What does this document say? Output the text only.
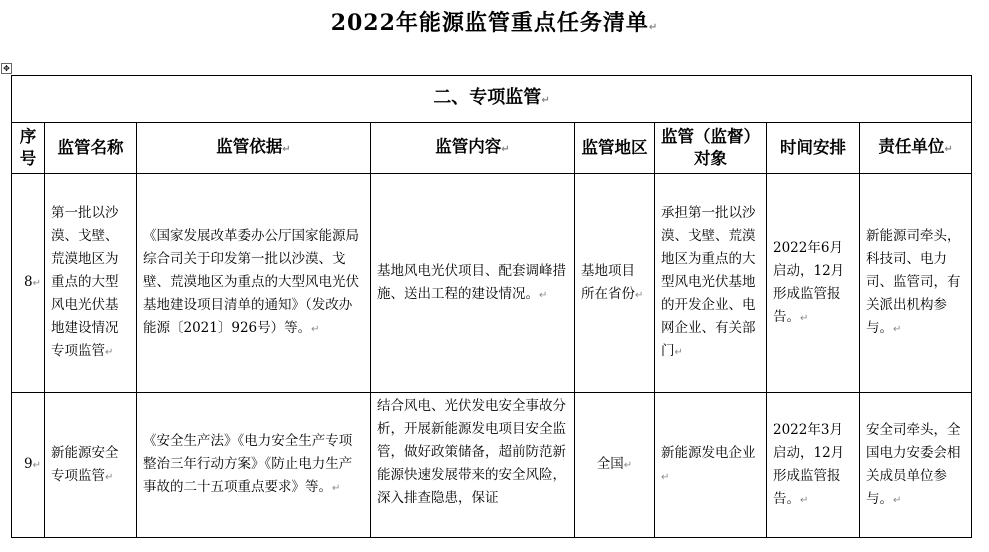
2022年能源监管重点任务清单↵
✥
二、专项监管↵							
序号	监管名称	监管依据↵	监管内容↵	监管地区	监管（监督）对象	时间安排	责任单位↵
8↵	第一批以沙漠、戈壁、荒漠地区为重点的大型风电光伏基地建设情况专项监管↵	《国家发展改革委办公厅国家能源局综合司关于印发第一批以沙漠、戈壁、荒漠地区为重点的大型风电光伏基地建设项目清单的通知》（发改办能源〔2021〕926号）等。↵	基地风电光伏项目、配套调峰措施、送出工程的建设情况。↵	基地项目所在省份↵	承担第一批以沙漠、戈壁、荒漠地区为重点的大型风电光伏基地的开发企业、电网企业、有关部门↵	2022年6月启动，12月形成监管报告。↵	新能源司牵头，科技司、电力司、监管司，有关派出机构参与。↵
9↵	新能源安全专项监管↵	《安全生产法》《电力安全生产专项整治三年行动方案》《防止电力生产事故的二十五项重点要求》等。↵	结合风电、光伏发电安全事故分析，开展新能源发电项目安全监管，做好政策储备，超前防范新能源快速发展带来的安全风险，深入排查隐患，保证	全国↵	新能源发电企业↵	2022年3月启动，12月形成监管报告。↵	安全司牵头，全国电力安委会相关成员单位参与。↵
